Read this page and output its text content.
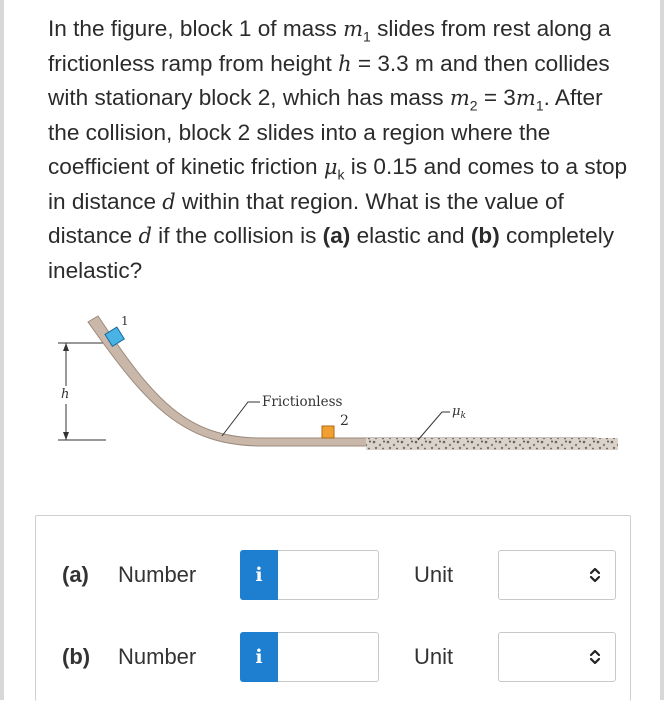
In the figure, block 1 of mass $m_1$ slides from rest along a frictionless ramp from height h = 3.3 m and then collides with stationary block 2, which has mass $m_2 = 3m_1$. After the collision, block 2 slides into a region where the coefficient of kinetic friction $\mu_k$ is 0.15 and comes to a stop in distance d within that region. What is the value of distance d if the collision is (a) elastic and (b) completely inelastic?
h
1
2
Frictionless
$\mu_k$
(a) Number	i	Unit
(b) Number	i	Unit
